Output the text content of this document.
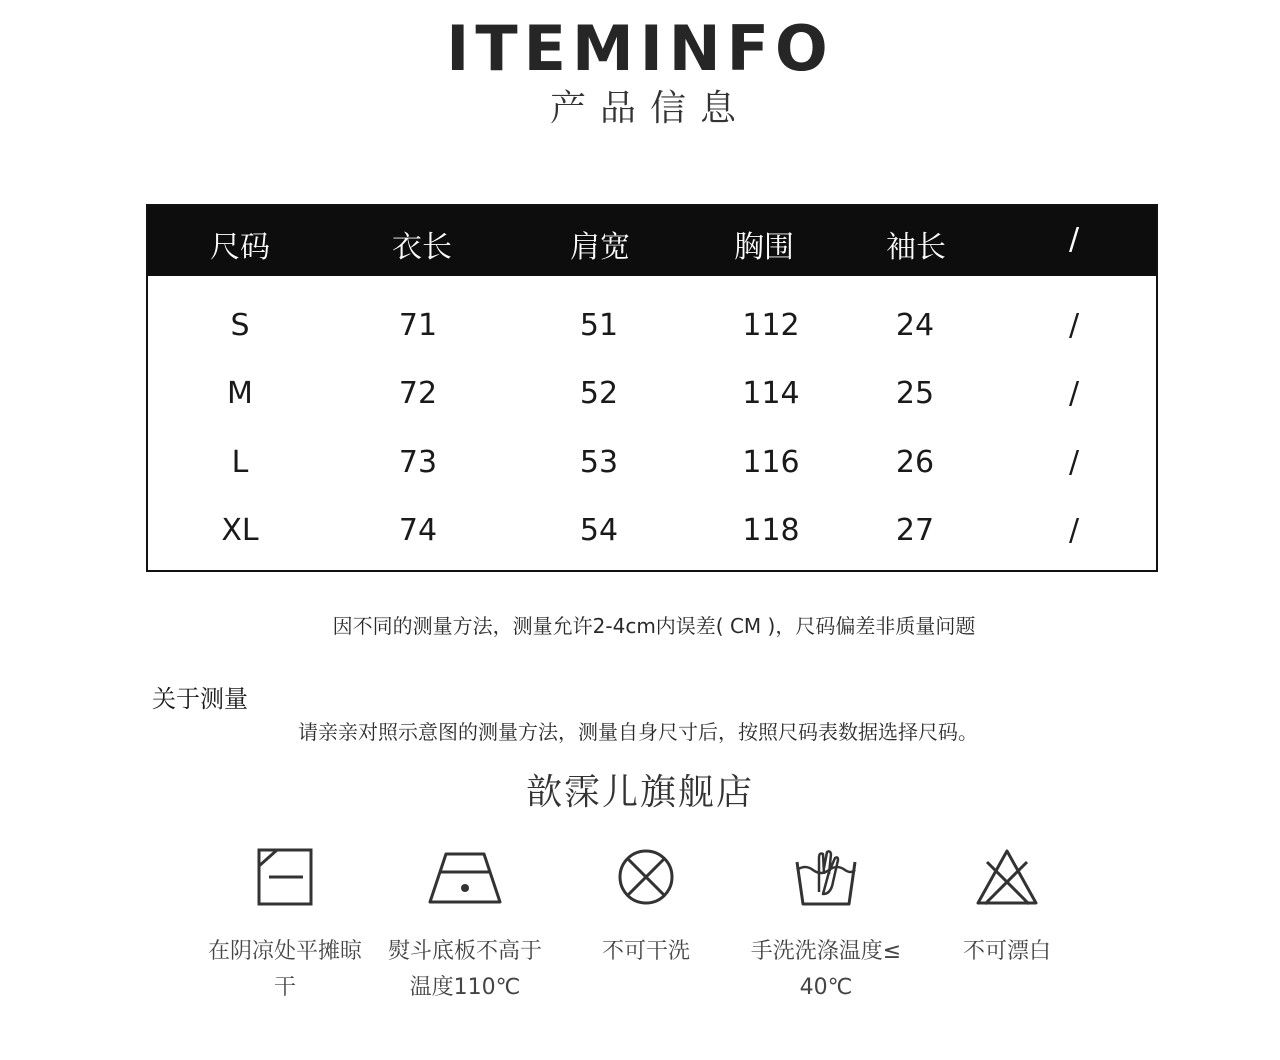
ITEMINFO
产品信息
尺码	衣长	肩宽	胸围	袖长	/
S	71	51	112	24	/
M	72	52	114	25	/
L	73	53	116	26	/
XL	74	54	118	27	/
因不同的测量方法，测量允许2-4cm内误差( CM )，尺码偏差非质量问题
关于测量
请亲亲对照示意图的测量方法，测量自身尺寸后，按照尺码表数据选择尺码。
歆霂儿旗舰店
在阴凉处平摊晾
干
熨斗底板不高于
温度110℃
不可干洗	手洗洗涤温度≤
40℃
不可漂白
